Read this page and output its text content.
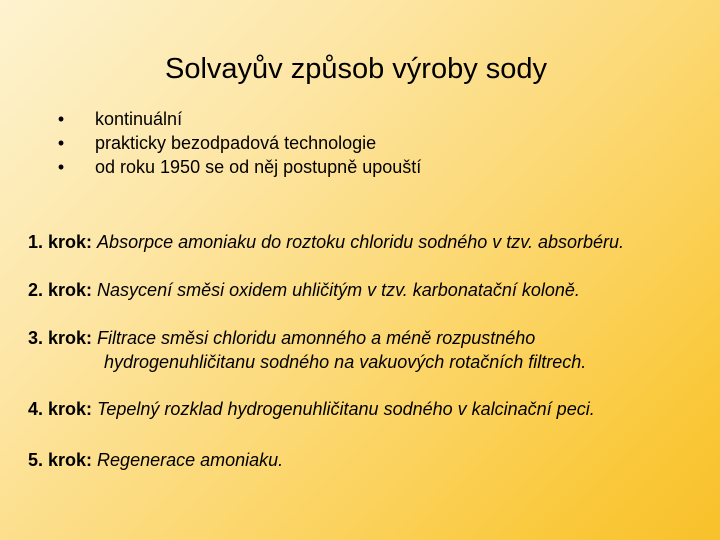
Solvayův způsob výroby sody
• kontinuální
• prakticky bezodpadová technologie
• od roku 1950 se od něj postupně upouští
1. krok: Absorpce amoniaku do roztoku chloridu sodného v tzv. absorbéru.
2. krok: Nasycení směsi oxidem uhličitým v tzv. karbonatační koloně.
3. krok: Filtrace směsi chloridu amonného a méně rozpustného
hydrogenuhličitanu sodného na vakuových rotačních filtrech.
4. krok: Tepelný rozklad hydrogenuhličitanu sodného v kalcinační peci.
5. krok: Regenerace amoniaku.
